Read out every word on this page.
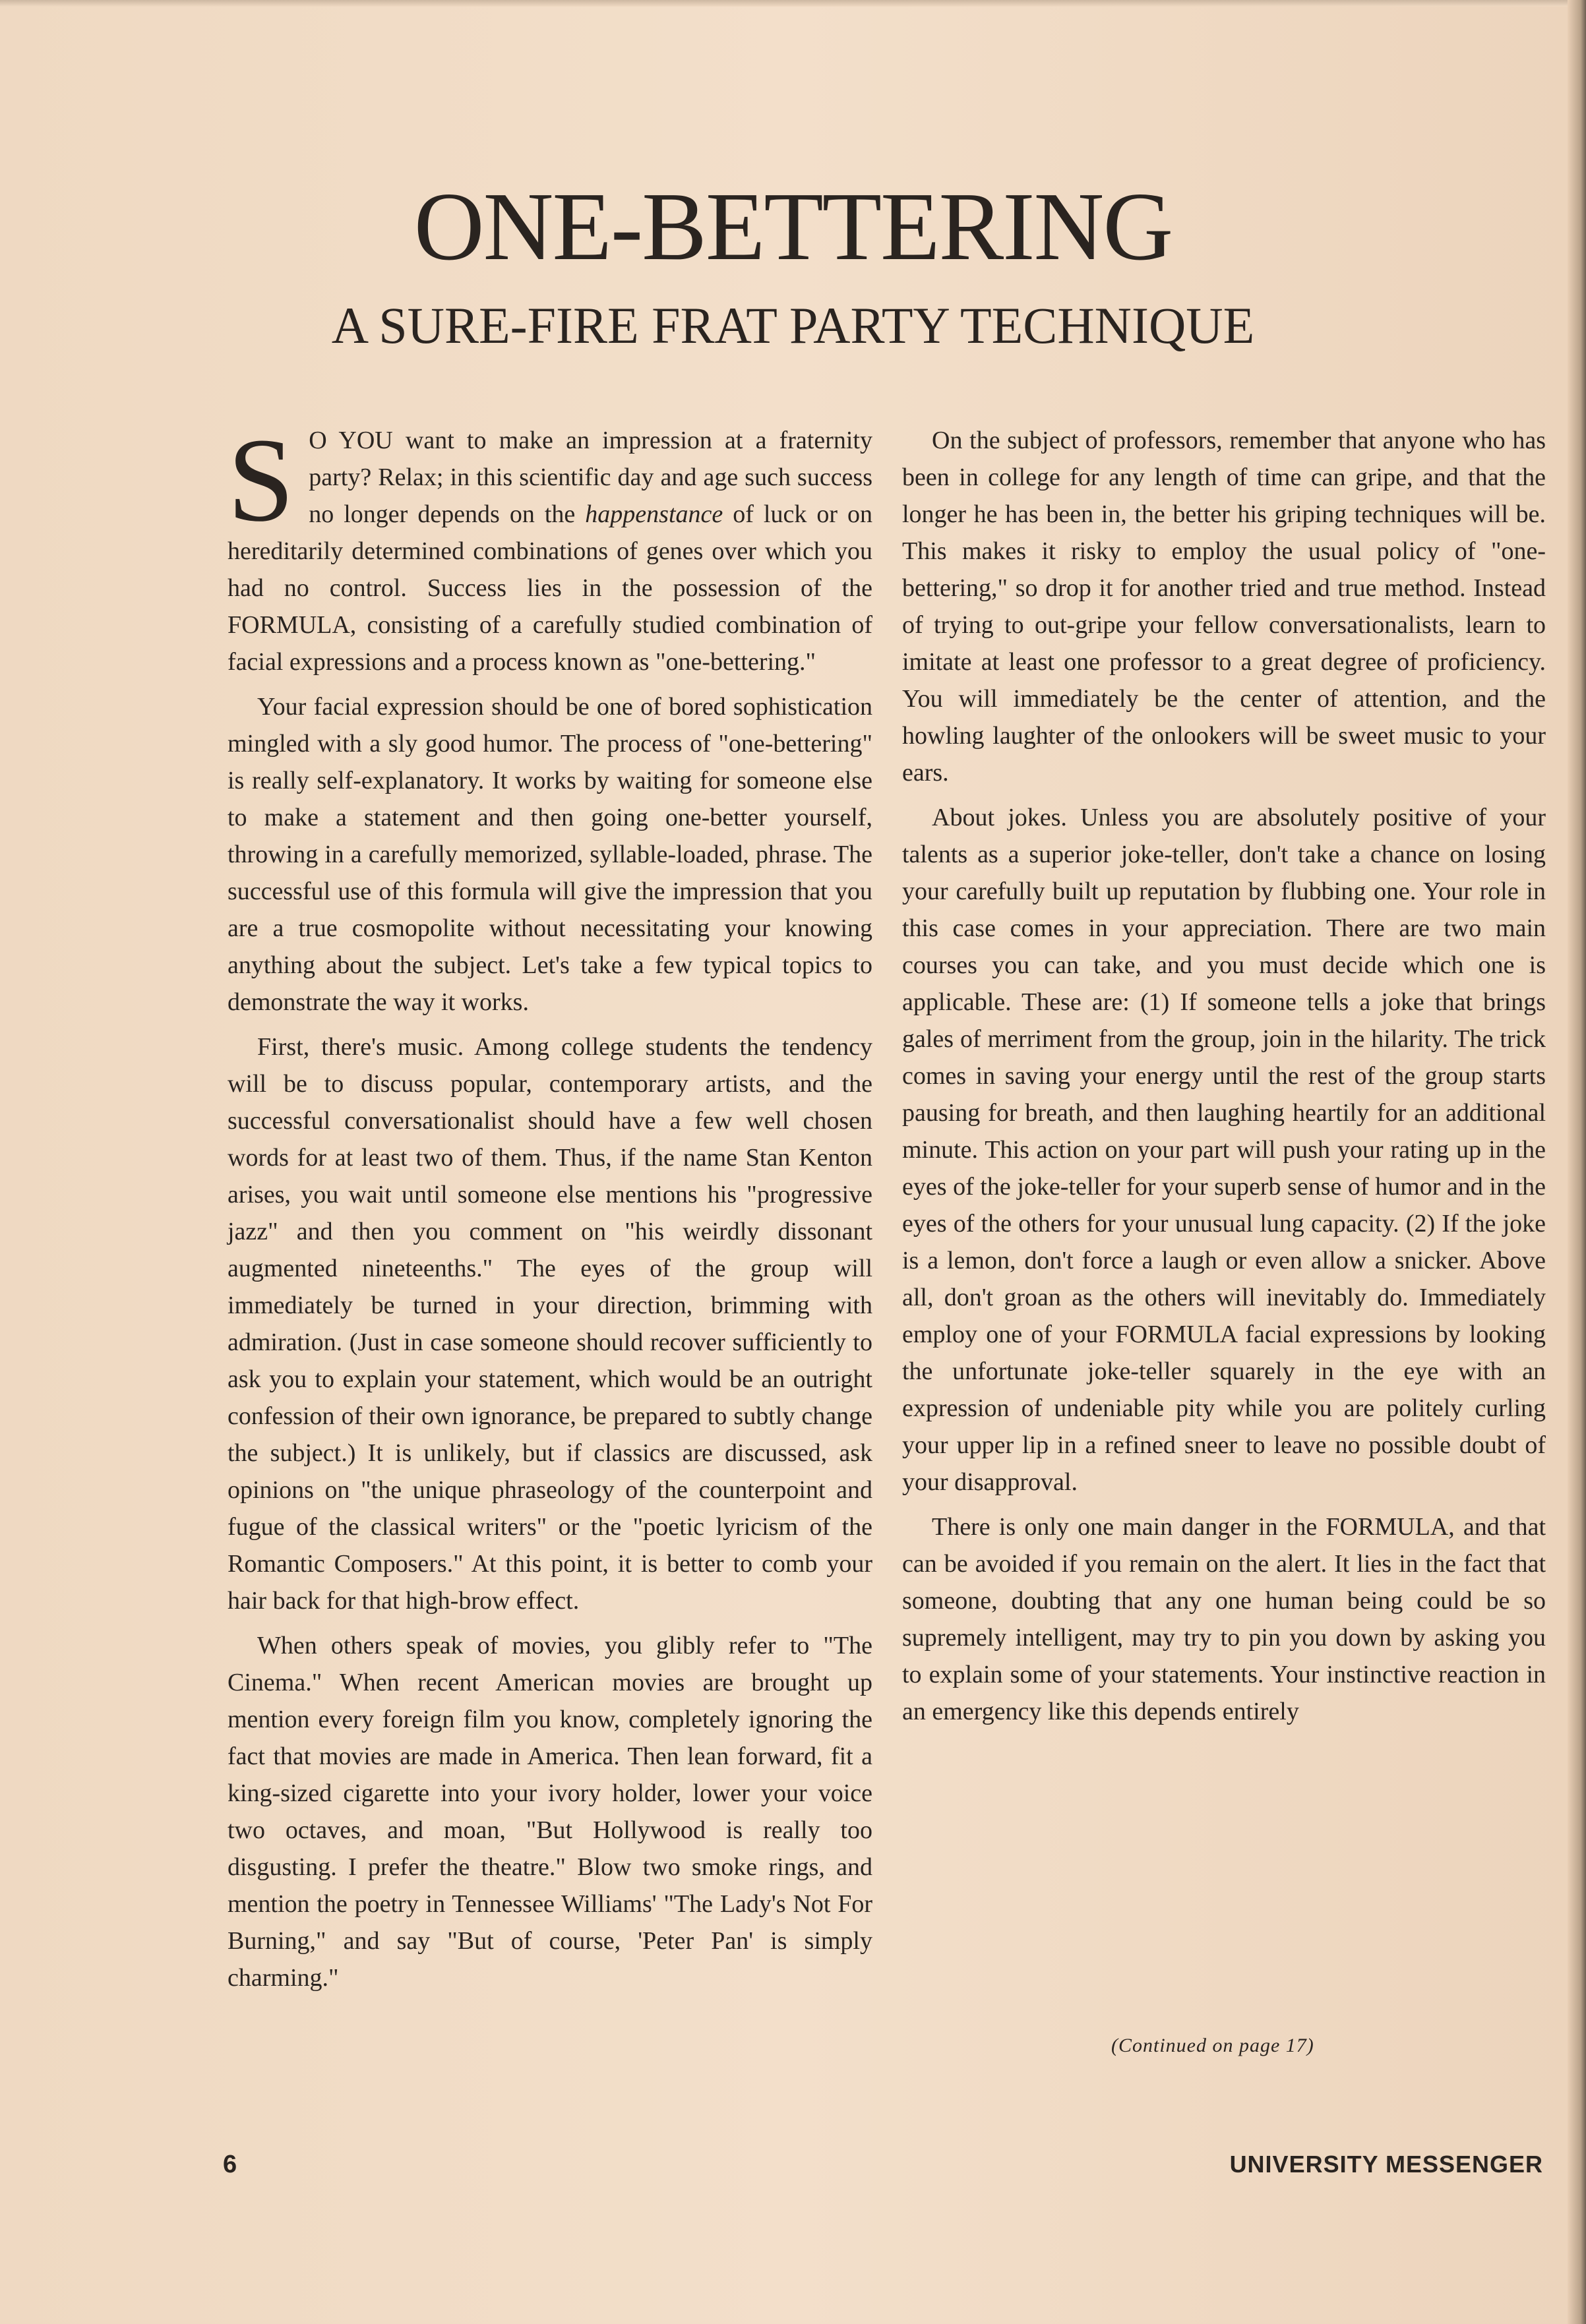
ONE-BETTERING
A SURE-FIRE FRAT PARTY TECHNIQUE

S O YOU want to make an impression at a fraternity party? Relax; in this scientific day and age such success no longer depends on the happenstance of luck or on hereditarily determined combinations of genes over which you had no control. Success lies in the possession of the FORMULA, consisting of a carefully studied combination of facial expressions and a process known as "one-bettering."

Your facial expression should be one of bored sophistication mingled with a sly good humor. The process of "one-bettering" is really self-explanatory. It works by waiting for someone else to make a statement and then going one-better yourself, throwing in a carefully memorized, syllable-loaded, phrase. The successful use of this formula will give the impression that you are a true cosmopolite without necessitating your knowing anything about the subject. Let's take a few typical topics to demonstrate the way it works.

First, there's music. Among college students the tendency will be to discuss popular, contemporary artists, and the successful conversationalist should have a few well chosen words for at least two of them. Thus, if the name Stan Kenton arises, you wait until someone else mentions his "progressive jazz" and then you comment on "his weirdly dissonant augmented nineteenths." The eyes of the group will immediately be turned in your direction, brimming with admiration. (Just in case someone should recover sufficiently to ask you to explain your statement, which would be an outright confession of their own ignorance, be prepared to subtly change the subject.) It is unlikely, but if classics are discussed, ask opinions on "the unique phraseology of the counterpoint and fugue of the classical writers" or the "poetic lyricism of the Romantic Composers." At this point, it is better to comb your hair back for that high-brow effect.

When others speak of movies, you glibly refer to "The Cinema." When recent American movies are brought up mention every foreign film you know, completely ignoring the fact that movies are made in America. Then lean forward, fit a king-sized cigarette into your ivory holder, lower your voice two octaves, and moan, "But Hollywood is really too disgusting. I prefer the theatre." Blow two smoke rings, and mention the poetry in Tennessee Williams' "The Lady's Not For Burning," and say "But of course, 'Peter Pan' is simply charming."

On the subject of professors, remember that anyone who has been in college for any length of time can gripe, and that the longer he has been in, the better his griping techniques will be. This makes it risky to employ the usual policy of "one-bettering," so drop it for another tried and true method. Instead of trying to out-gripe your fellow conversationalists, learn to imitate at least one professor to a great degree of proficiency. You will immediately be the center of attention, and the howling laughter of the onlookers will be sweet music to your ears.

About jokes. Unless you are absolutely positive of your talents as a superior joke-teller, don't take a chance on losing your carefully built up reputation by flubbing one. Your role in this case comes in your appreciation. There are two main courses you can take, and you must decide which one is applicable. These are: (1) If someone tells a joke that brings gales of merriment from the group, join in the hilarity. The trick comes in saving your energy until the rest of the group starts pausing for breath, and then laughing heartily for an additional minute. This action on your part will push your rating up in the eyes of the joke-teller for your superb sense of humor and in the eyes of the others for your unusual lung capacity. (2) If the joke is a lemon, don't force a laugh or even allow a snicker. Above all, don't groan as the others will inevitably do. Immediately employ one of your FORMULA facial expressions by looking the unfortunate joke-teller squarely in the eye with an expression of undeniable pity while you are politely curling your upper lip in a refined sneer to leave no possible doubt of your disapproval.

There is only one main danger in the FORMULA, and that can be avoided if you remain on the alert. It lies in the fact that someone, doubting that any one human being could be so supremely intelligent, may try to pin you down by asking you to explain some of your statements. Your instinctive reaction in an emergency like this depends entirely

(Continued on page 17)
6	UNIVERSITY MESSENGER
